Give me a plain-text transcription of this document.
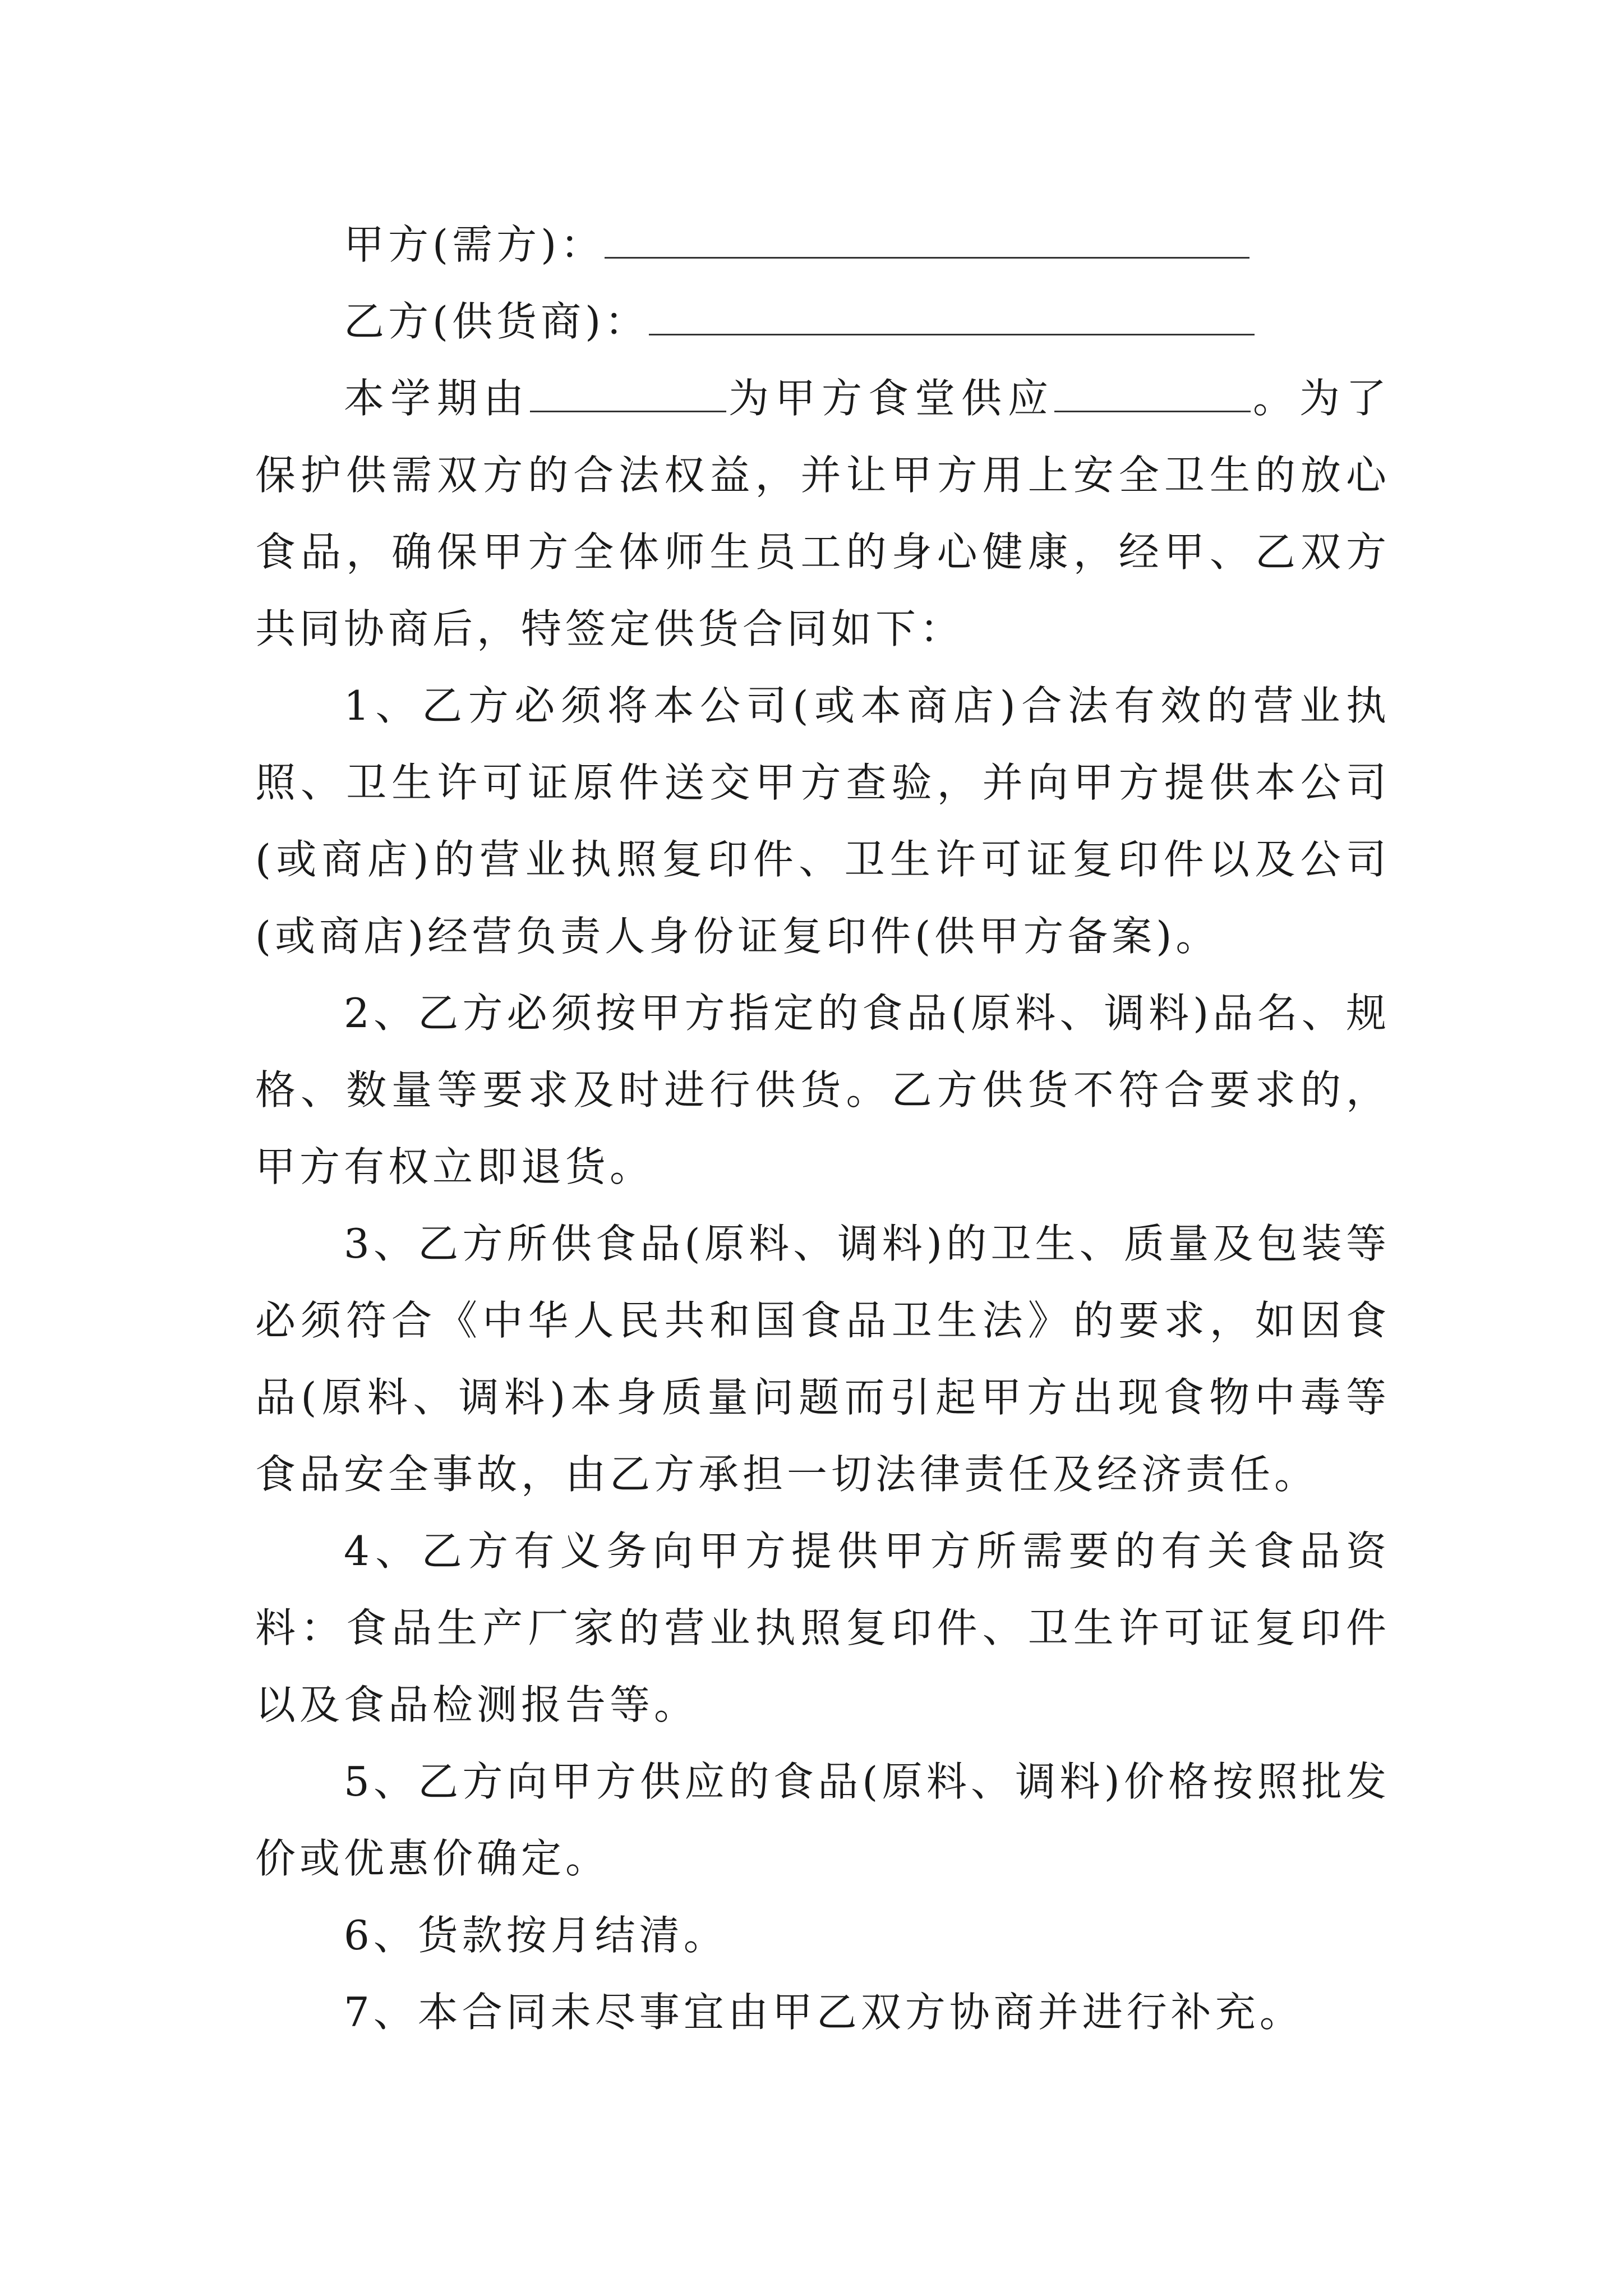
甲方(需方)：
乙方(供货商)：

本学期由	为甲方食堂供应	。为了保护供需双方的合法权益，并让甲方用上安全卫生的放心食品，确保甲方全体师生员工的身心健康，经甲、乙双方共同协商后，特签定供货合同如下：

1、乙方必须将本公司(或本商店)合法有效的营业执照、卫生许可证原件送交甲方查验，并向甲方提供本公司(或商店)的营业执照复印件、卫生许可证复印件以及公司(或商店)经营负责人身份证复印件(供甲方备案)。

2、乙方必须按甲方指定的食品(原料、调料)品名、规格、数量等要求及时进行供货。乙方供货不符合要求的，甲方有权立即退货。

3、乙方所供食品(原料、调料)的卫生、质量及包装等必须符合《中华人民共和国食品卫生法》的要求，如因食品(原料、调料)本身质量问题而引起甲方出现食物中毒等食品安全事故，由乙方承担一切法律责任及经济责任。

4、乙方有义务向甲方提供甲方所需要的有关食品资料：食品生产厂家的营业执照复印件、卫生许可证复印件以及食品检测报告等。

5、乙方向甲方供应的食品(原料、调料)价格按照批发价或优惠价确定。

6、货款按月结清。

7、本合同未尽事宜由甲乙双方协商并进行补充。
